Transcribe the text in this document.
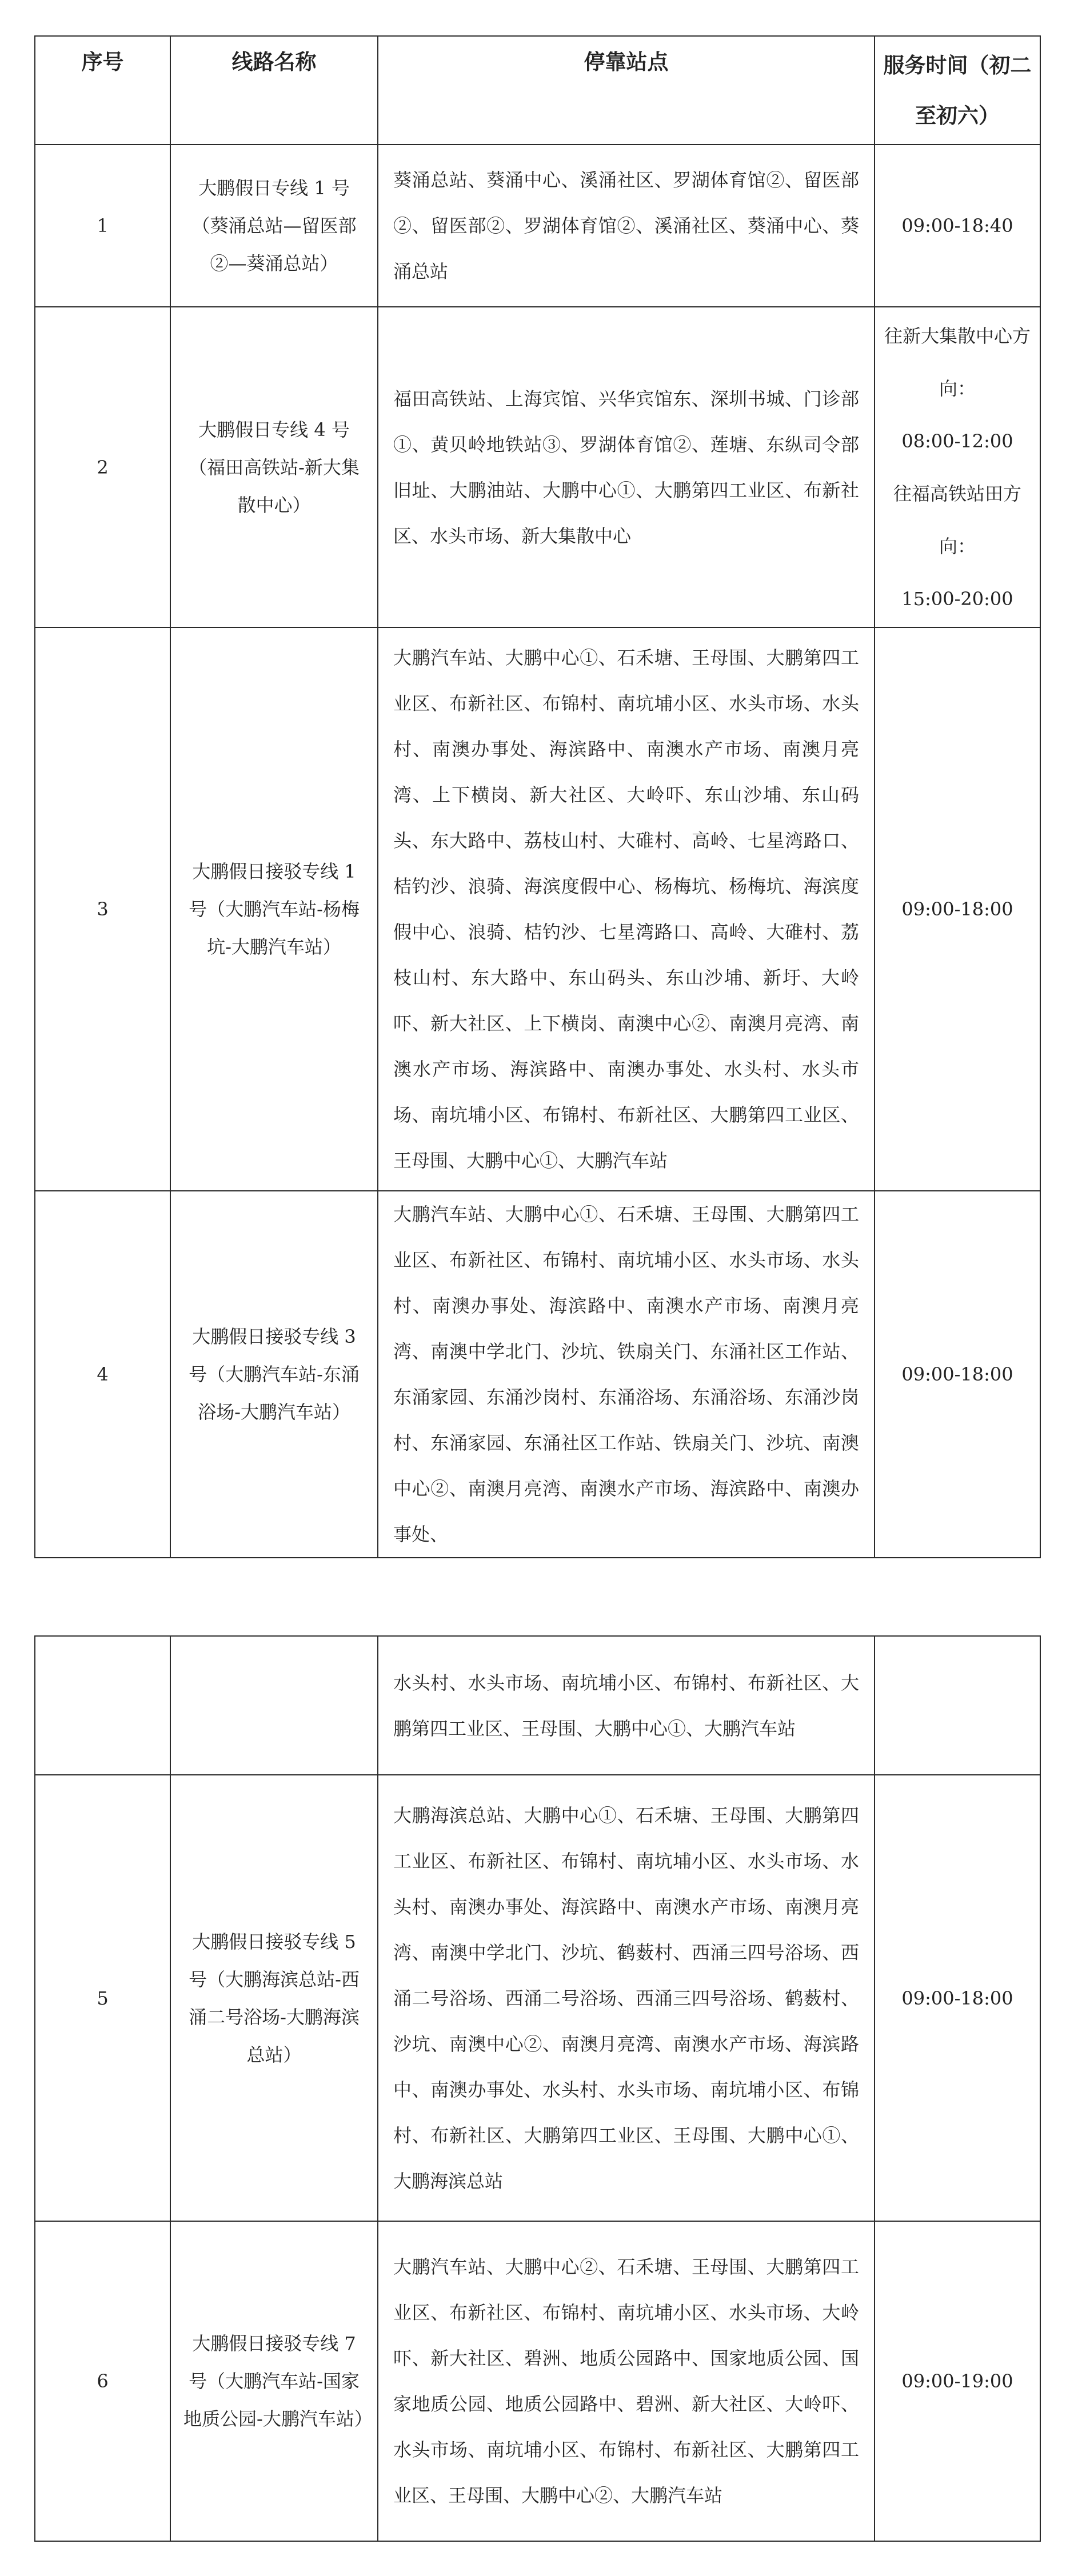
序号	线路名称	停靠站点	服务时间（初二至初六）
1	大鹏假日专线 1 号（葵涌总站—留医部②—葵涌总站）	葵涌总站、葵涌中心、溪涌社区、罗湖体育馆②、留医部②、留医部②、罗湖体育馆②、溪涌社区、葵涌中心、葵涌总站	09:00-18:40

2	大鹏假日专线 4 号（福田高铁站-新大集散中心）	福田高铁站、上海宾馆、兴华宾馆东、深圳书城、门诊部①、黄贝岭地铁站③、罗湖体育馆②、莲塘、东纵司令部旧址、大鹏油站、大鹏中心①、大鹏第四工业区、布新社区、水头市场、新大集散中心	往新大集散中心方向：
08:00-12:00
往福高铁站田方向：
15:00-20:00

3	大鹏假日接驳专线 1 号（大鹏汽车站-杨梅坑-大鹏汽车站）	大鹏汽车站、大鹏中心①、石禾塘、王母围、大鹏第四工业区、布新社区、布锦村、南坑埔小区、水头市场、水头村、南澳办事处、海滨路中、南澳水产市场、南澳月亮湾、上下横岗、新大社区、大岭吓、东山沙埔、东山码头、东大路中、荔枝山村、大碓村、高岭、七星湾路口、桔钓沙、浪骑、海滨度假中心、杨梅坑、杨梅坑、海滨度假中心、浪骑、桔钓沙、七星湾路口、高岭、大碓村、荔枝山村、东大路中、东山码头、东山沙埔、新圩、大岭吓、新大社区、上下横岗、南澳中心②、南澳月亮湾、南澳水产市场、海滨路中、南澳办事处、水头村、水头市场、南坑埔小区、布锦村、布新社区、大鹏第四工业区、王母围、大鹏中心①、大鹏汽车站	09:00-18:00

4	大鹏假日接驳专线 3 号（大鹏汽车站-东涌浴场-大鹏汽车站）	大鹏汽车站、大鹏中心①、石禾塘、王母围、大鹏第四工业区、布新社区、布锦村、南坑埔小区、水头市场、水头村、南澳办事处、海滨路中、南澳水产市场、南澳月亮湾、南澳中学北门、沙坑、铁扇关门、东涌社区工作站、东涌家园、东涌沙岗村、东涌浴场、东涌浴场、东涌沙岗村、东涌家园、东涌社区工作站、铁扇关门、沙坑、南澳中心②、南澳月亮湾、南澳水产市场、海滨路中、南澳办事处、	09:00-18:00
		水头村、水头市场、南坑埔小区、布锦村、布新社区、大鹏第四工业区、王母围、大鹏中心①、大鹏汽车站	

5	大鹏假日接驳专线 5 号（大鹏海滨总站-西涌二号浴场-大鹏海滨总站）	大鹏海滨总站、大鹏中心①、石禾塘、王母围、大鹏第四工业区、布新社区、布锦村、南坑埔小区、水头市场、水头村、南澳办事处、海滨路中、南澳水产市场、南澳月亮湾、南澳中学北门、沙坑、鹤薮村、西涌三四号浴场、西涌二号浴场、西涌二号浴场、西涌三四号浴场、鹤薮村、沙坑、南澳中心②、南澳月亮湾、南澳水产市场、海滨路中、南澳办事处、水头村、水头市场、南坑埔小区、布锦村、布新社区、大鹏第四工业区、王母围、大鹏中心①、大鹏海滨总站	09:00-18:00

6	大鹏假日接驳专线 7 号（大鹏汽车站-国家地质公园-大鹏汽车站）	大鹏汽车站、大鹏中心②、石禾塘、王母围、大鹏第四工业区、布新社区、布锦村、南坑埔小区、水头市场、大岭吓、新大社区、碧洲、地质公园路中、国家地质公园、国家地质公园、地质公园路中、碧洲、新大社区、大岭吓、水头市场、南坑埔小区、布锦村、布新社区、大鹏第四工业区、王母围、大鹏中心②、大鹏汽车站	09:00-19:00
